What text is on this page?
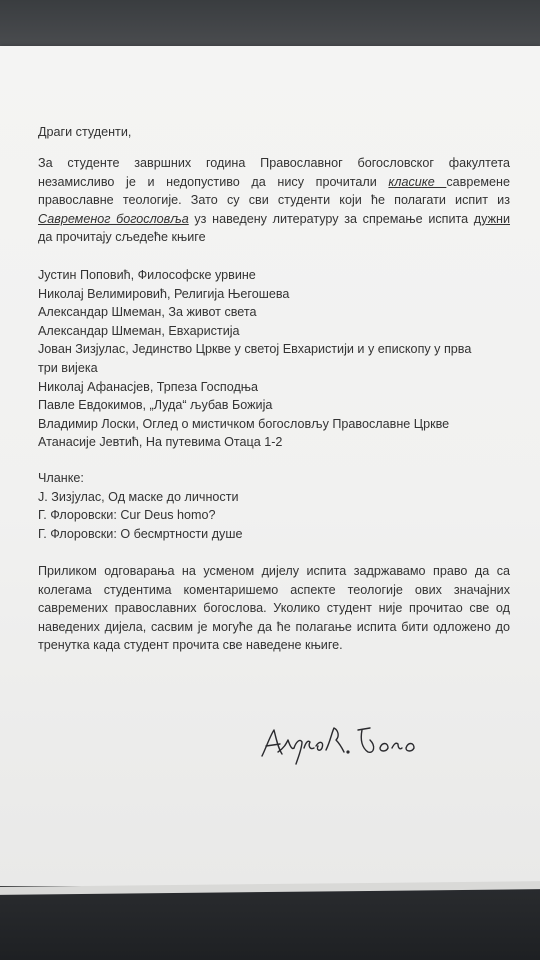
Драги студенти,
За студенте завршних година Православног богословског факултета незамисливо је и недопустиво да нису прочитали класике савремене православне теологије. Зато су сви студенти који ће полагати испит из Савременог богословља уз наведену литературу за спремање испита дужни да прочитају сљедеће књиге
Јустин Поповић, Философске урвине
Николај Велимировић, Религија Његошева
Александар Шмеман, За живот света
Александар Шмеман, Евхаристија
Јован Зизјулас, Јединство Цркве у светој Евхаристији и у епископу у прва
три вијека
Николај Афанасјев, Трпеза Господња
Павле Евдокимов, „Луда“ љубав Божија
Владимир Лоски, Оглед о мистичком богословљу Православне Цркве
Атанасије Јевтић, На путевима Отаца 1-2
Чланке:
Ј. Зизјулас, Од маске до личности
Г. Флоровски: Cur Deus homo?
Г. Флоровски: О бесмртности душе
Приликом одговарања на усменом дијелу испита задржавамо право да са колегама студентима коментаришемо аспекте теологије ових значајних савремених православних богослова. Уколико студент није прочитао све од наведених дијела, сасвим је могуће да ће полагање испита бити одложено до тренутка када студент прочита све наведене књиге.
